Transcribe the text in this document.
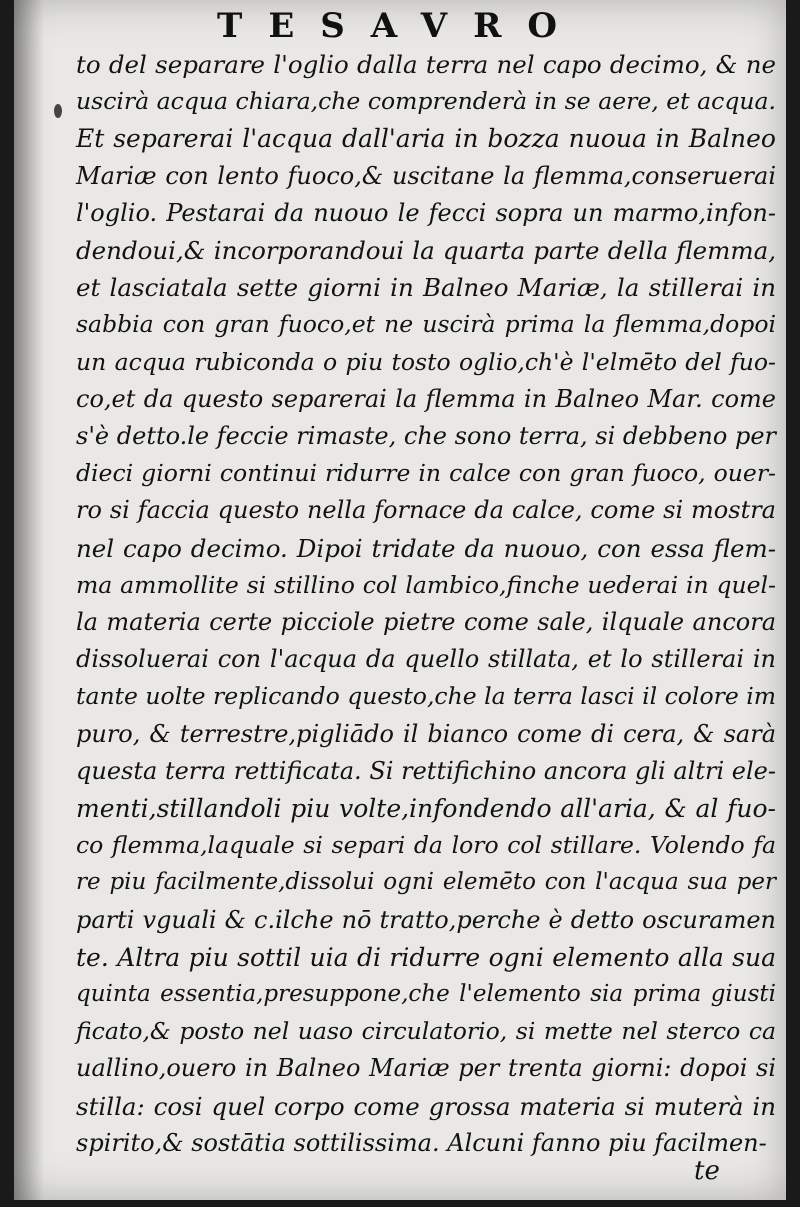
TESAVRO
to del separare l'oglio dalla terra nel capo decimo, & ne
uscirà acqua chiara,che comprenderà in se aere, et acqua.
Et separerai l'acqua dall'aria in bozza nuoua in Balneo
Mariæ con lento fuoco,& uscitane la flemma,conseruerai
l'oglio. Pestarai da nuouo le fecci sopra un marmo,infon-
dendoui,& incorporandoui la quarta parte della flemma,
et lasciatala sette giorni in Balneo Mariæ, la stillerai in
sabbia con gran fuoco,et ne uscirà prima la flemma,dopoi
un acqua rubiconda o piu tosto oglio,ch'è l'elmēto del fuo-
co,et da questo separerai la flemma in Balneo Mar. come
s'è detto.le feccie rimaste, che sono terra, si debbeno per
dieci giorni continui ridurre in calce con gran fuoco, ouer-
ro si faccia questo nella fornace da calce, come si mostra
nel capo decimo. Dipoi tridate da nuouo, con essa flem-
ma ammollite si stillino col lambico,finche uederai in quel-
la materia certe picciole pietre come sale, ilquale ancora
dissoluerai con l'acqua da quello stillata, et lo stillerai in
tante uolte replicando questo,che la terra lasci il colore im
puro, & terrestre,pigliādo il bianco come di cera, & sarà
questa terra rettificata. Si rettifichino ancora gli altri ele-
menti,stillandoli piu volte,infondendo all'aria, & al fuo-
co flemma,laquale si separi da loro col stillare. Volendo fa
re piu facilmente,dissolui ogni elemēto con l'acqua sua per
parti vguali & c.ilche nō tratto,perche è detto oscuramen
te. Altra piu sottil uia di ridurre ogni elemento alla sua
quinta essentia,presuppone,che l'elemento sia prima giusti
ficato,& posto nel uaso circulatorio, si mette nel sterco ca
uallino,ouero in Balneo Mariæ per trenta giorni: dopoi si
stilla: cosi quel corpo come grossa materia si muterà in
spirito,& sostātia sottilissima. Alcuni fanno piu facilmen-
te
